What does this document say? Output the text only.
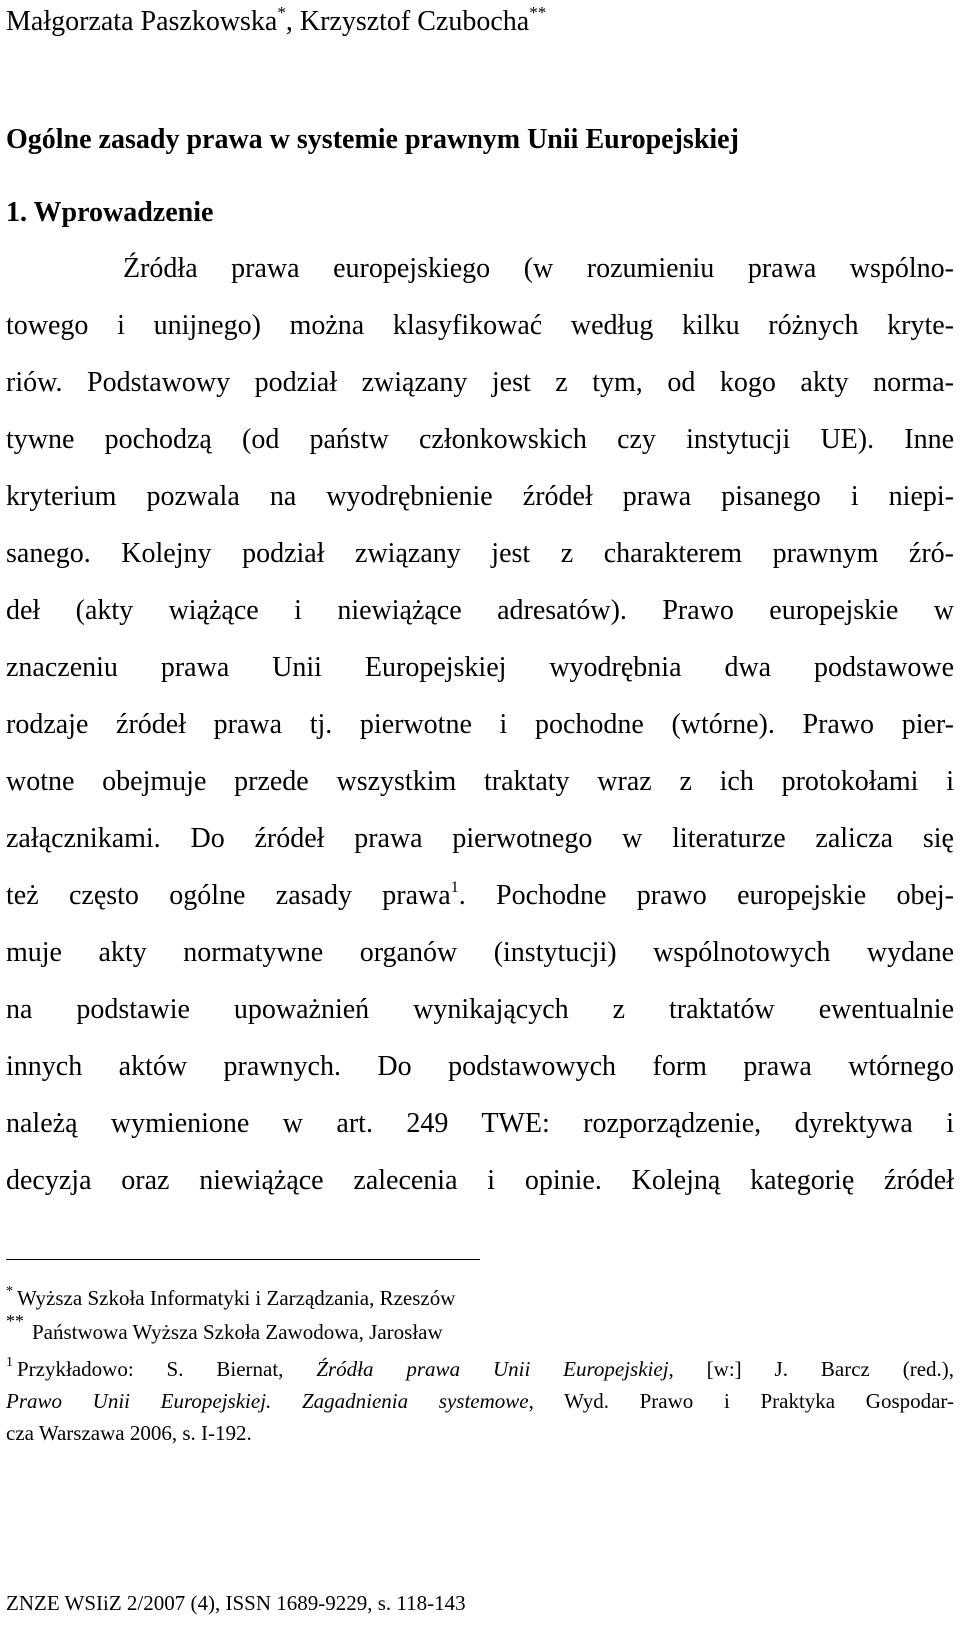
Małgorzata Paszkowska*, Krzysztof Czubocha**
Ogólne zasady prawa w systemie prawnym Unii Europejskiej
1. Wprowadzenie
Źródła prawa europejskiego (w rozumieniu prawa wspólno-
towego i unijnego) można klasyfikować według kilku różnych kryte-
riów. Podstawowy podział związany jest z tym, od kogo akty norma-
tywne pochodzą (od państw członkowskich czy instytucji UE). Inne
kryterium pozwala na wyodrębnienie źródeł prawa pisanego i niepi-
sanego. Kolejny podział związany jest z charakterem prawnym źró-
deł (akty wiążące i niewiążące adresatów). Prawo europejskie w
znaczeniu prawa Unii Europejskiej wyodrębnia dwa podstawowe
rodzaje źródeł prawa tj. pierwotne i pochodne (wtórne). Prawo pier-
wotne obejmuje przede wszystkim traktaty wraz z ich protokołami i
załącznikami. Do źródeł prawa pierwotnego w literaturze zalicza się
też często ogólne zasady prawa$^1$. Pochodne prawo europejskie obej-
muje akty normatywne organów (instytucji) wspólnotowych wydane
na podstawie upoważnień wynikających z traktatów ewentualnie
innych aktów prawnych. Do podstawowych form prawa wtórnego
należą wymienione w art. 249 TWE: rozporządzenie, dyrektywa i
decyzja oraz niewiążące zalecenia i opinie. Kolejną kategorię źródeł
* Wyższa Szkoła Informatyki i Zarządzania, Rzeszów
** Państwowa Wyższa Szkoła Zawodowa, Jarosław
$^1$ Przykładowo: S. Biernat, Źródła prawa Unii Europejskiej, [w:] J. Barcz (red.),
Prawo Unii Europejskiej. Zagadnienia systemowe, Wyd. Prawo i Praktyka Gospodar-
cza Warszawa 2006, s. I-192.
ZNZE WSIiZ 2/2007 (4), ISSN 1689-9229, s. 118-143
